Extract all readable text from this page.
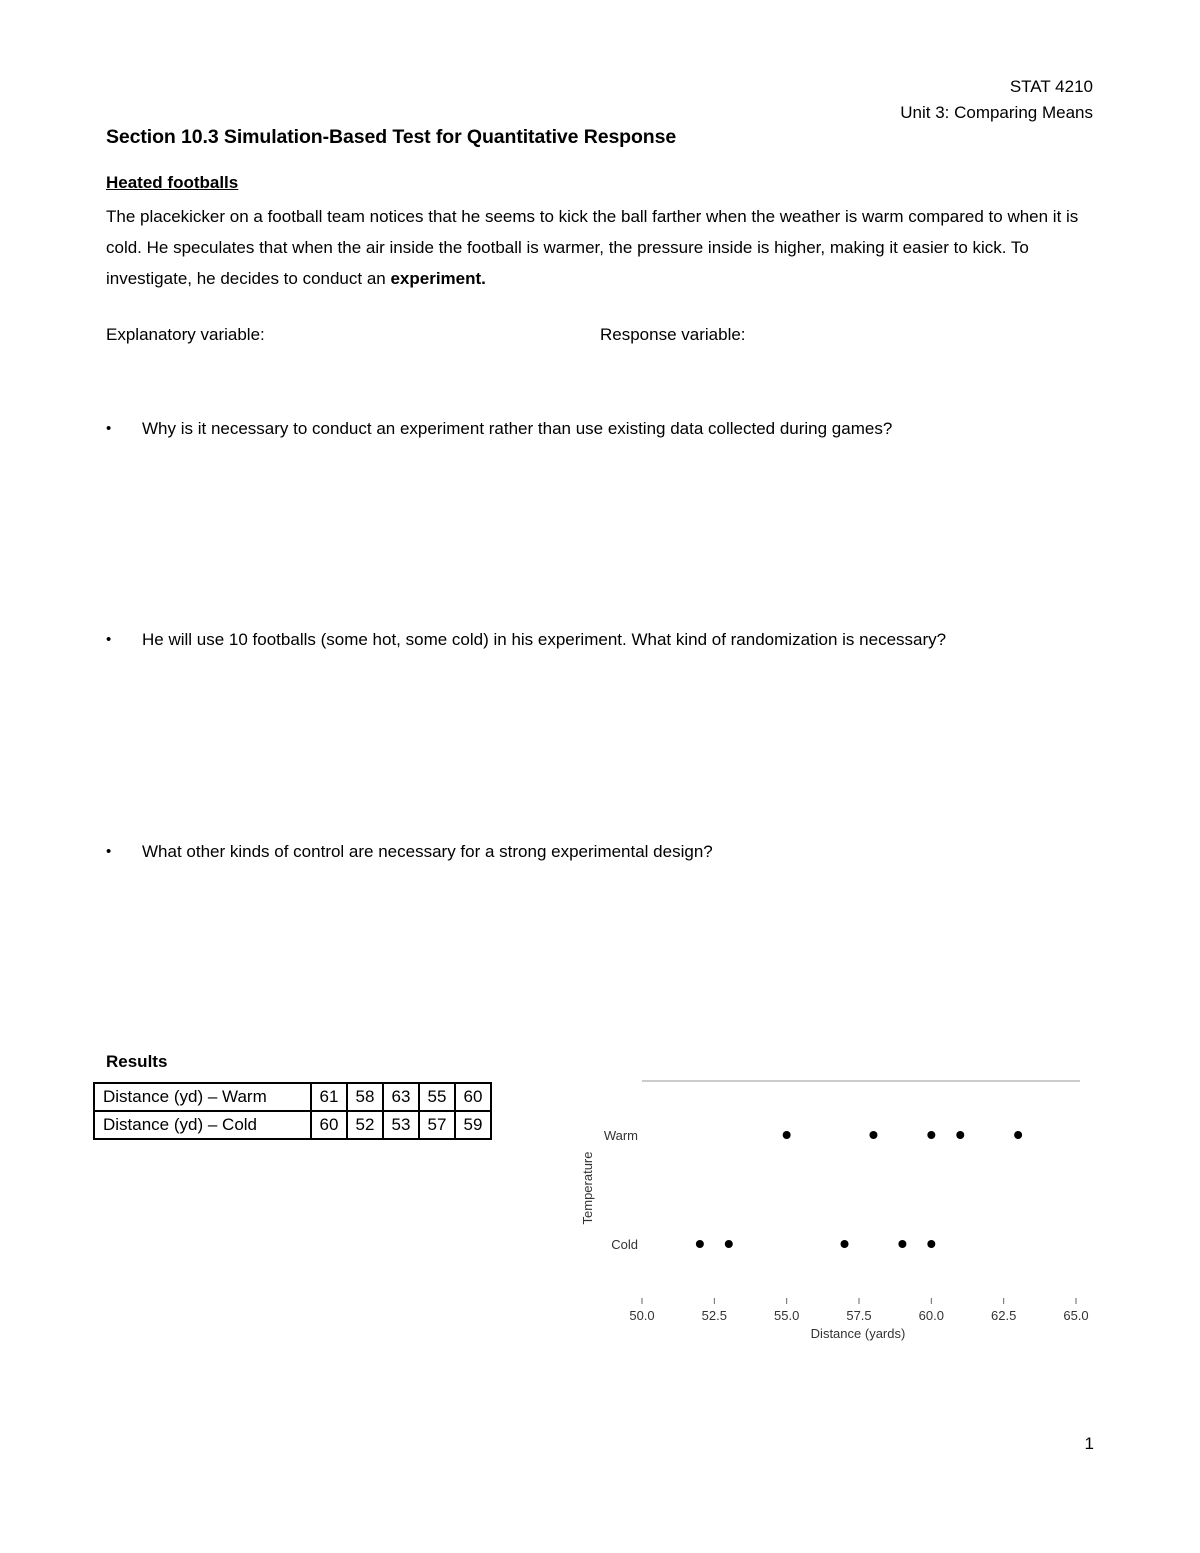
STAT 4210
Unit 3: Comparing Means
Section 10.3 Simulation-Based Test for Quantitative Response
Heated footballs
The placekicker on a football team notices that he seems to kick the ball farther when the weather is warm compared to when it is cold. He speculates that when the air inside the football is warmer, the pressure inside is higher, making it easier to kick. To investigate, he decides to conduct an experiment.
Explanatory variable:	Response variable:
• Why is it necessary to conduct an experiment rather than use existing data collected during games?
• He will use 10 footballs (some hot, some cold) in his experiment. What kind of randomization is necessary?
• What other kinds of control are necessary for a strong experimental design?
Results
Distance (yd) – Warm	61	58	63	55	60
Distance (yd) – Cold	60	52	53	57	59
Temperature
Distance (yards)
Warm
Cold
50.0	52.5	55.0	57.5	60.0	62.5	65.0
1
